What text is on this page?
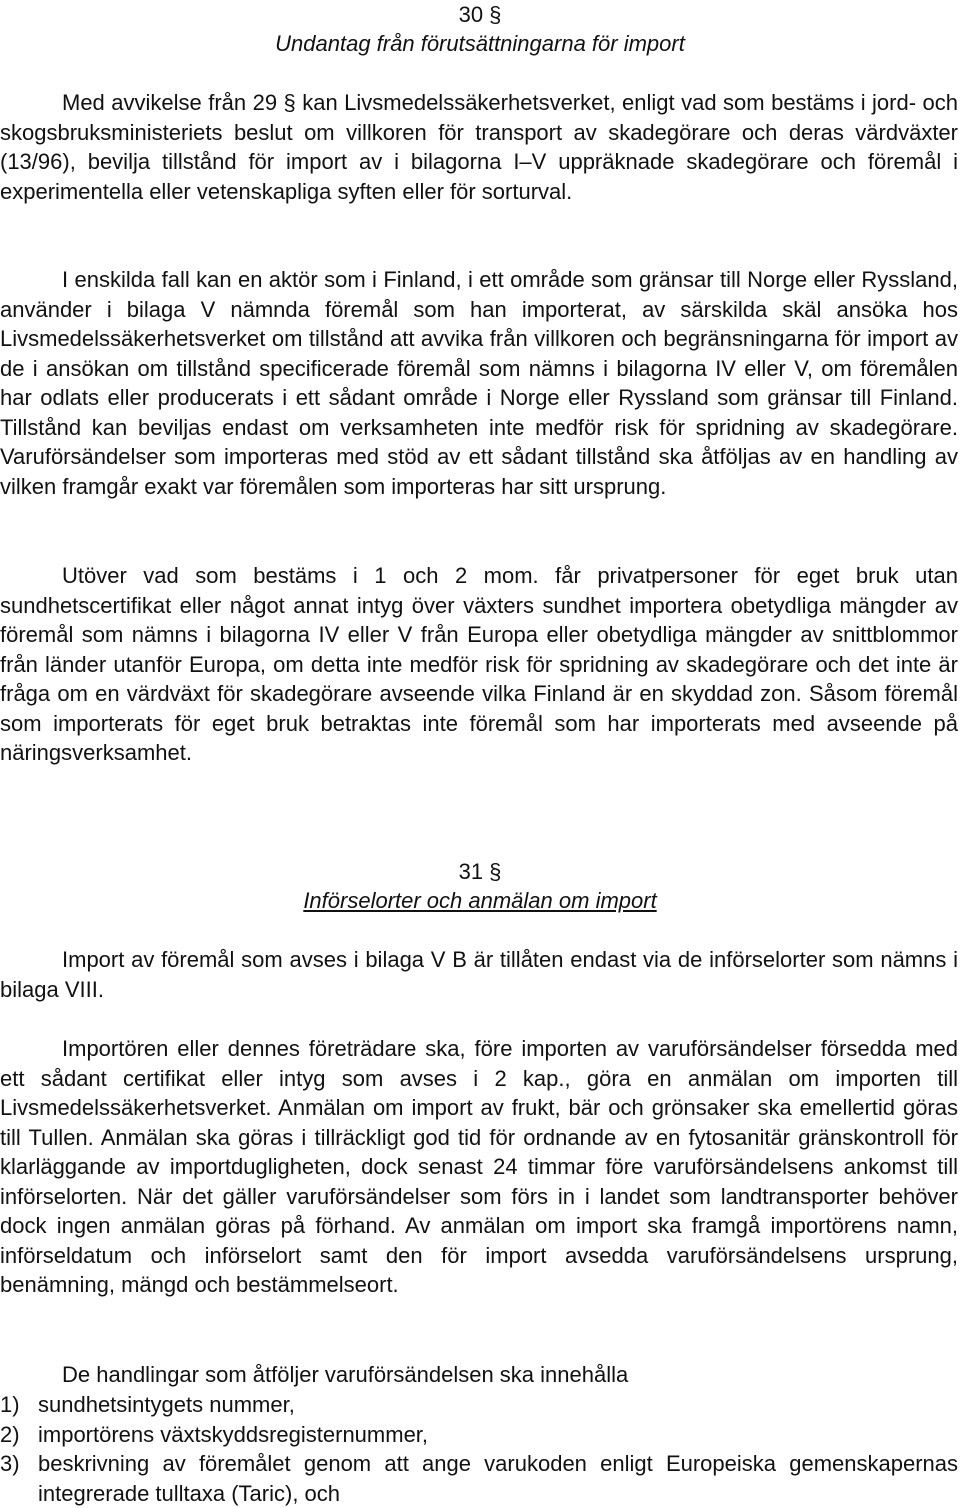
30 §
Undantag från förutsättningarna för import

Med avvikelse från 29 § kan Livsmedelssäkerhetsverket, enligt vad som bestäms i jord- och skogsbruksministeriets beslut om villkoren för transport av skadegörare och deras värdväxter (13/96), bevilja tillstånd för import av i bilagorna I–V uppräknade skadegörare och föremål i experimentella eller vetenskapliga syften eller för sorturval.

I enskilda fall kan en aktör som i Finland, i ett område som gränsar till Norge eller Ryssland, använder i bilaga V nämnda föremål som han importerat, av särskilda skäl ansöka hos Livsmedelssäkerhetsverket om tillstånd att avvika från villkoren och begränsningarna för import av de i ansökan om tillstånd specificerade föremål som nämns i bilagorna IV eller V, om föremålen har odlats eller producerats i ett sådant område i Norge eller Ryssland som gränsar till Finland. Tillstånd kan beviljas endast om verksamheten inte medför risk för spridning av skadegörare. Varuförsändelser som importeras med stöd av ett sådant tillstånd ska åtföljas av en handling av vilken framgår exakt var föremålen som importeras har sitt ursprung.

Utöver vad som bestäms i 1 och 2 mom. får privatpersoner för eget bruk utan sundhetscertifikat eller något annat intyg över växters sundhet importera obetydliga mängder av föremål som nämns i bilagorna IV eller V från Europa eller obetydliga mängder av snittblommor från länder utanför Europa, om detta inte medför risk för spridning av skadegörare och det inte är fråga om en värdväxt för skadegörare avseende vilka Finland är en skyddad zon. Såsom föremål som importerats för eget bruk betraktas inte föremål som har importerats med avseende på näringsverksamhet.

31 §
Införselorter och anmälan om import

Import av föremål som avses i bilaga V B är tillåten endast via de införselorter som nämns i bilaga VIII.

Importören eller dennes företrädare ska, före importen av varuförsändelser försedda med ett sådant certifikat eller intyg som avses i 2 kap., göra en anmälan om importen till Livsmedelssäkerhetsverket. Anmälan om import av frukt, bär och grönsaker ska emellertid göras till Tullen. Anmälan ska göras i tillräckligt god tid för ordnande av en fytosanitär gränskontroll för klarläggande av importdugligheten, dock senast 24 timmar före varuförsändelsens ankomst till införselorten. När det gäller varuförsändelser som förs in i landet som landtransporter behöver dock ingen anmälan göras på förhand. Av anmälan om import ska framgå importörens namn, införseldatum och införselort samt den för import avsedda varuförsändelsens ursprung, benämning, mängd och bestämmelseort.

De handlingar som åtföljer varuförsändelsen ska innehålla

1) sundhetsintygets nummer,
2) importörens växtskyddsregisternummer,
3) beskrivning av föremålet genom att ange varukoden enligt Europeiska gemenskapernas integrerade tulltaxa (Taric), och
